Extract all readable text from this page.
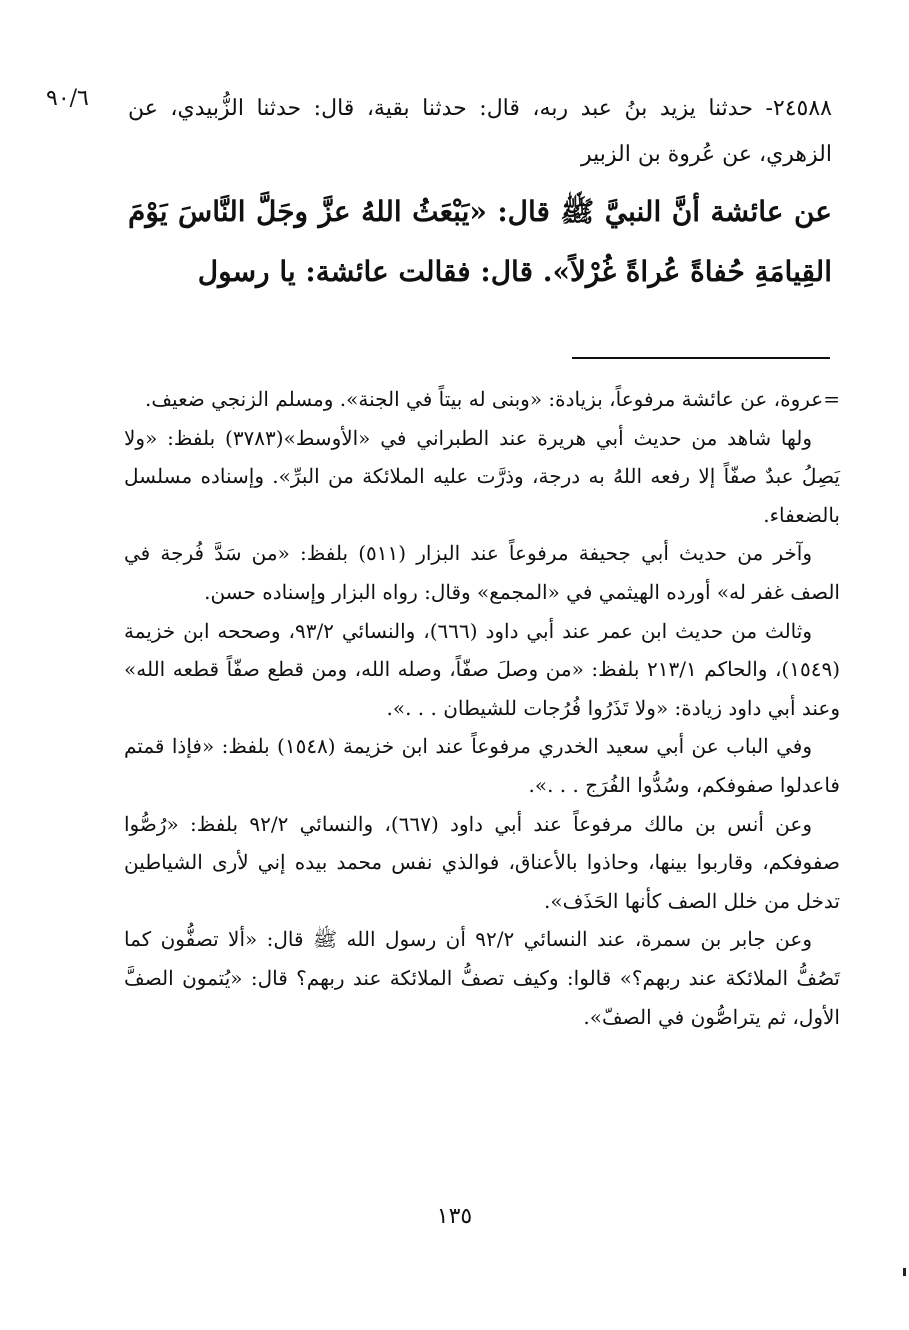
٩٠/٦ ٢٤٥٨٨- حدثنا يزيد بنُ عبد ربه، قال: حدثنا بقية، قال: حدثنا الزُّبيدي، عن الزهري، عن عُروة بن الزبير
عن عائشة أنَّ النبيَّ ﷺ قال: «يَبْعَثُ اللهُ عزَّ وجَلَّ النَّاسَ يَوْمَ القِيامَةِ حُفاةً عُراةً غُرْلاً». قال: فقالت عائشة: يا رسول

=عروة، عن عائشة مرفوعاً، بزيادة: «وبنى له بيتاً في الجنة». ومسلم الزنجي ضعيف.

ولها شاهد من حديث أبي هريرة عند الطبراني في «الأوسط»(٣٧٨٣) بلفظ: «ولا يَصِلُ عبدٌ صفّاً إلا رفعه اللهُ به درجة، وذرَّت عليه الملائكة من البرِّ». وإسناده مسلسل بالضعفاء.

وآخر من حديث أبي جحيفة مرفوعاً عند البزار (٥١١) بلفظ: «من سَدَّ فُرجة في الصف غفر له» أورده الهيثمي في «المجمع» وقال: رواه البزار وإسناده حسن.

وثالث من حديث ابن عمر عند أبي داود (٦٦٦)، والنسائي ٩٣/٢، وصححه ابن خزيمة (١٥٤٩)، والحاكم ٢١٣/١ بلفظ: «من وصلَ صفّاً، وصله الله، ومن قطع صفّاً قطعه الله» وعند أبي داود زيادة: «ولا تَذَرُوا فُرُجات للشيطان . . .».

وفي الباب عن أبي سعيد الخدري مرفوعاً عند ابن خزيمة (١٥٤٨) بلفظ: «فإذا قمتم فاعدلوا صفوفكم، وسُدُّوا الفُرَج . . .».

وعن أنس بن مالك مرفوعاً عند أبي داود (٦٦٧)، والنسائي ٩٢/٢ بلفظ: «رُصُّوا صفوفكم، وقاربوا بينها، وحاذوا بالأعناق، فوالذي نفس محمد بيده إني لأرى الشياطين تدخل من خلل الصف كأنها الحَذَف».

وعن جابر بن سمرة، عند النسائي ٩٢/٢ أن رسول الله ﷺ قال: «ألا تصفُّون كما تَصُفُّ الملائكة عند ربهم؟» قالوا: وكيف تصفُّ الملائكة عند ربهم؟ قال: «يُتمون الصفَّ الأول، ثم يتراصُّون في الصفّ».

١٣٥
